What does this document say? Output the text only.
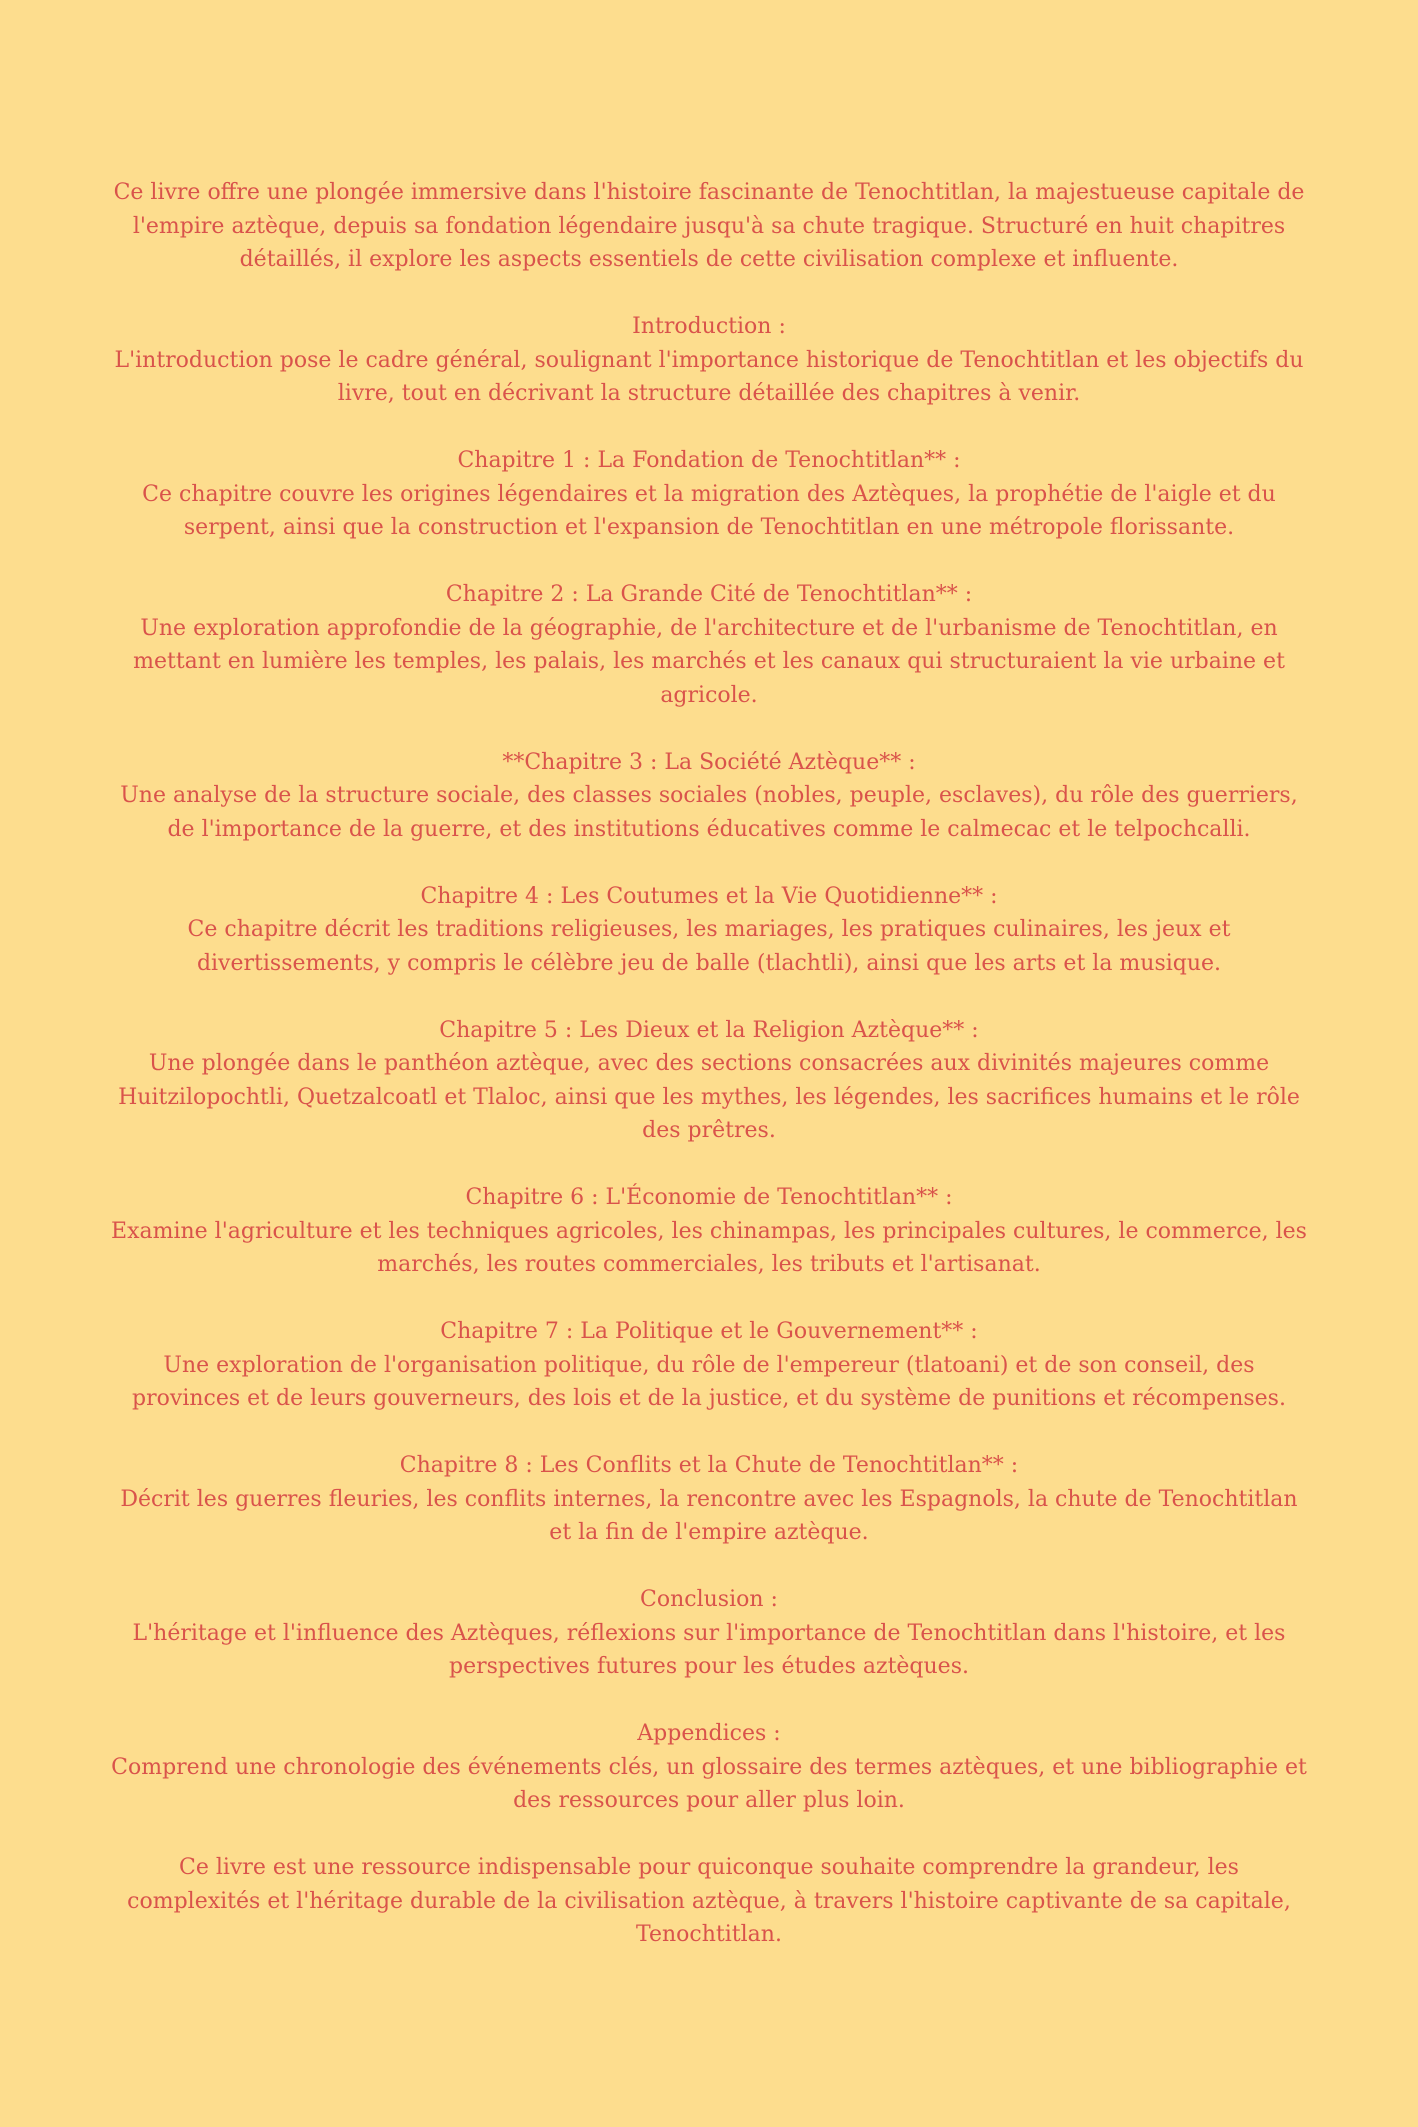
Ce livre offre une plongée immersive dans l'histoire fascinante de Tenochtitlan, la majestueuse capitale de l'empire aztèque, depuis sa fondation légendaire jusqu'à sa chute tragique. Structuré en huit chapitres détaillés, il explore les aspects essentiels de cette civilisation complexe et influente.

Introduction :
L'introduction pose le cadre général, soulignant l'importance historique de Tenochtitlan et les objectifs du livre, tout en décrivant la structure détaillée des chapitres à venir.
Chapitre 1 : La Fondation de Tenochtitlan** :
Ce chapitre couvre les origines légendaires et la migration des Aztèques, la prophétie de l'aigle et du serpent, ainsi que la construction et l'expansion de Tenochtitlan en une métropole florissante.
Chapitre 2 : La Grande Cité de Tenochtitlan** :
Une exploration approfondie de la géographie, de l'architecture et de l'urbanisme de Tenochtitlan, en mettant en lumière les temples, les palais, les marchés et les canaux qui structuraient la vie urbaine et agricole.
**Chapitre 3 : La Société Aztèque** :
Une analyse de la structure sociale, des classes sociales (nobles, peuple, esclaves), du rôle des guerriers, de l'importance de la guerre, et des institutions éducatives comme le calmecac et le telpochcalli.
Chapitre 4 : Les Coutumes et la Vie Quotidienne** :
Ce chapitre décrit les traditions religieuses, les mariages, les pratiques culinaires, les jeux et divertissements, y compris le célèbre jeu de balle (tlachtli), ainsi que les arts et la musique.
Chapitre 5 : Les Dieux et la Religion Aztèque** :
Une plongée dans le panthéon aztèque, avec des sections consacrées aux divinités majeures comme Huitzilopochtli, Quetzalcoatl et Tlaloc, ainsi que les mythes, les légendes, les sacrifices humains et le rôle des prêtres.
Chapitre 6 : L'Économie de Tenochtitlan** :
Examine l'agriculture et les techniques agricoles, les chinampas, les principales cultures, le commerce, les marchés, les routes commerciales, les tributs et l'artisanat.
Chapitre 7 : La Politique et le Gouvernement** :
Une exploration de l'organisation politique, du rôle de l'empereur (tlatoani) et de son conseil, des provinces et de leurs gouverneurs, des lois et de la justice, et du système de punitions et récompenses.
Chapitre 8 : Les Conflits et la Chute de Tenochtitlan** :
Décrit les guerres fleuries, les conflits internes, la rencontre avec les Espagnols, la chute de Tenochtitlan et la fin de l'empire aztèque.
Conclusion :
L'héritage et l'influence des Aztèques, réflexions sur l'importance de Tenochtitlan dans l'histoire, et les perspectives futures pour les études aztèques.
Appendices :
Comprend une chronologie des événements clés, un glossaire des termes aztèques, et une bibliographie et des ressources pour aller plus loin.

Ce livre est une ressource indispensable pour quiconque souhaite comprendre la grandeur, les complexités et l'héritage durable de la civilisation aztèque, à travers l'histoire captivante de sa capitale, Tenochtitlan.
